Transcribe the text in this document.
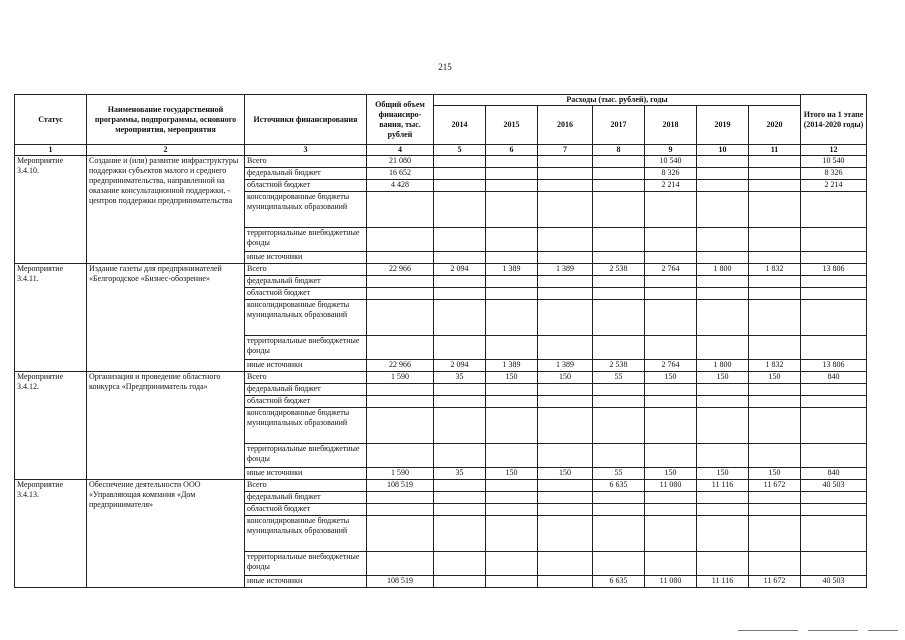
215
Статус	Наименование государственной программы, подпрограммы, основного мероприятия, мероприятия	Источники финансирования	Общий объем финансиро-вания, тыс. рублей	Расходы (тыс. рублей), годы							Итого на 1 этапе (2014-2020 годы)
				2014	2015	2016	2017	2018	2019	2020	
1	2	3	4	5	6	7	8	9	10	11	12
Мероприятие 3.4.10.	Создание и (или) развитие инфраструктуры поддержки субъектов малого и среднего предпринимательства, направленной на оказание консультационной поддержки, - центров поддержки предпринимательства	Всего	21 080					10 540			10 540
		федеральный бюджет	16 652					8 326			8 326
		областной бюджет	4 428					2 214			2 214
		консолидированные бюджеты муниципальных образований									
		территориальные внебюджетные фонды									
		иные источники									
Мероприятие 3.4.11.	Издание газеты для предпринимателей «Белгородское «Бизнес-обозрение»	Всего	22 966	2 094	1 389	1 389	2 538	2 764	1 800	1 832	13 806
		федеральный бюджет									
		областной бюджет									
		консолидированные бюджеты муниципальных образований									
		территориальные внебюджетные фонды									
		иные источники	22 966	2 094	1 389	1 389	2 538	2 764	1 800	1 832	13 806
Мероприятие 3.4.12.	Организация и проведение областного конкурса «Предприниматель года»	Всего	1 590	35	150	150	55	150	150	150	840
		федеральный бюджет									
		областной бюджет									
		консолидированные бюджеты муниципальных образований									
		территориальные внебюджетные фонды									
		иные источники	1 590	35	150	150	55	150	150	150	840
Мероприятие 3.4.13.	Обеспечение деятельности ООО «Управляющая компания «Дом предпринимателя»	Всего	108 519				6 635	11 080	11 116	11 672	40 503
		федеральный бюджет									
		областной бюджет									
		консолидированные бюджеты муниципальных образований									
		территориальные внебюджетные фонды									
		иные источники	108 519				6 635	11 080	11 116	11 672	40 503
